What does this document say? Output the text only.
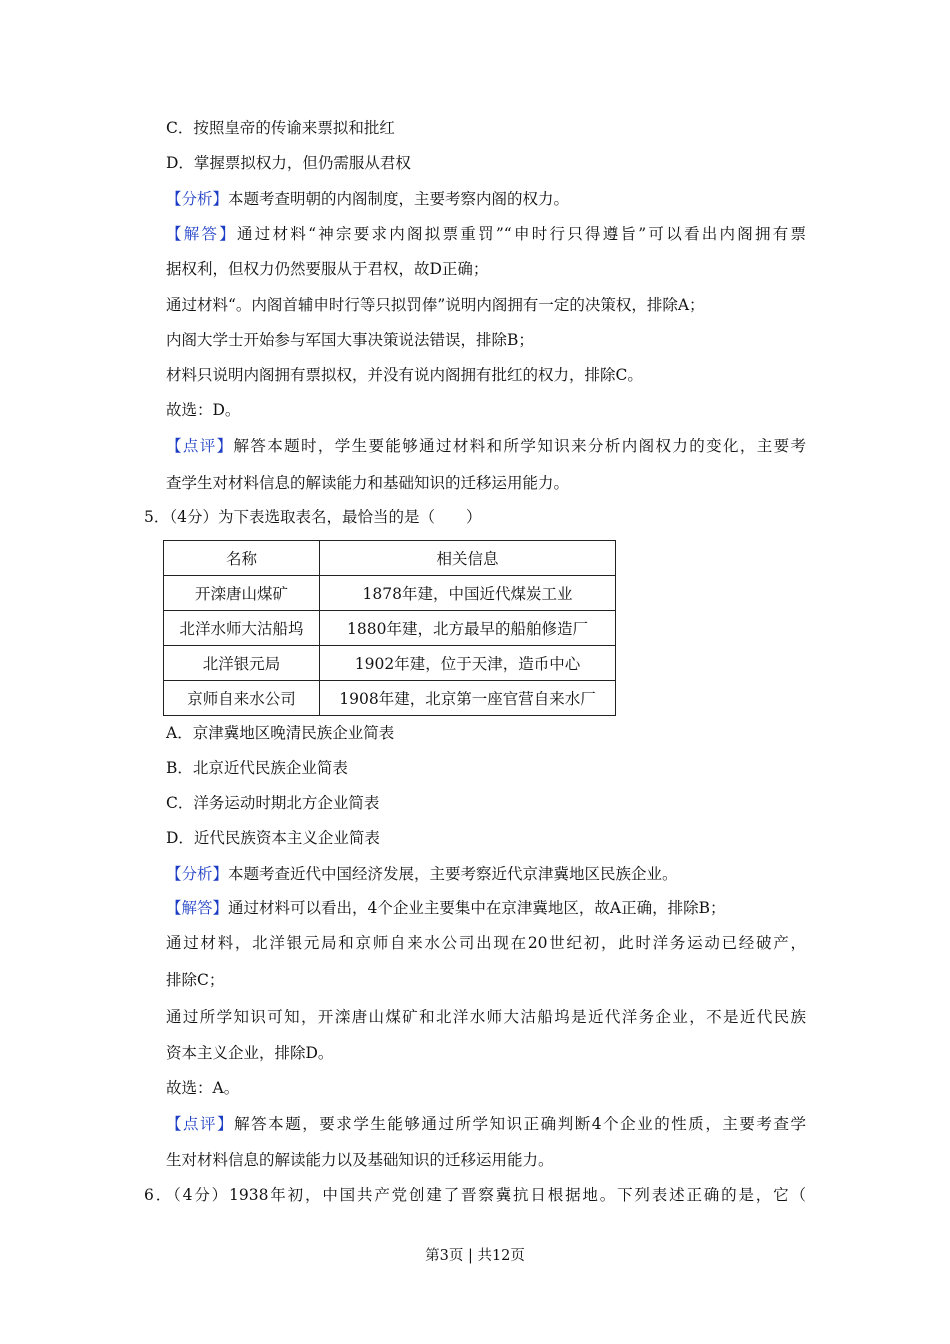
C．按照皇帝的传谕来票拟和批红
D．掌握票拟权力，但仍需服从君权
【分析】本题考查明朝的内阁制度，主要考察内阁的权力。
【解答】通过材料“神宗要求内阁拟票重罚”“申时行只得遵旨”可以看出内阁拥有票
据权利，但权力仍然要服从于君权，故D正确；
通过材料“。内阁首辅申时行等只拟罚俸”说明内阁拥有一定的决策权，排除A；
内阁大学士开始参与军国大事决策说法错误，排除B；
材料只说明内阁拥有票拟权，并没有说内阁拥有批红的权力，排除C。
故选：D。
【点评】解答本题时，学生要能够通过材料和所学知识来分析内阁权力的变化，主要考
查学生对材料信息的解读能力和基础知识的迁移运用能力。
5．（4分）为下表选取表名，最恰当的是（　　）
名称	相关信息
开滦唐山煤矿	1878年建，中国近代煤炭工业
北洋水师大沽船坞	1880年建，北方最早的船舶修造厂
北洋银元局	1902年建，位于天津，造币中心
京师自来水公司	1908年建，北京第一座官营自来水厂
A．京津冀地区晚清民族企业简表
B．北京近代民族企业简表
C．洋务运动时期北方企业简表
D．近代民族资本主义企业简表
【分析】本题考查近代中国经济发展，主要考察近代京津冀地区民族企业。
【解答】通过材料可以看出，4个企业主要集中在京津冀地区，故A正确，排除B；
通过材料，北洋银元局和京师自来水公司出现在20世纪初，此时洋务运动已经破产，
排除C；
通过所学知识可知，开滦唐山煤矿和北洋水师大沽船坞是近代洋务企业，不是近代民族
资本主义企业，排除D。
故选：A。
【点评】解答本题，要求学生能够通过所学知识正确判断4个企业的性质，主要考查学
生对材料信息的解读能力以及基础知识的迁移运用能力。
6．（4分）1938年初，中国共产党创建了晋察冀抗日根据地。下列表述正确的是，它（
第3页 | 共12页
